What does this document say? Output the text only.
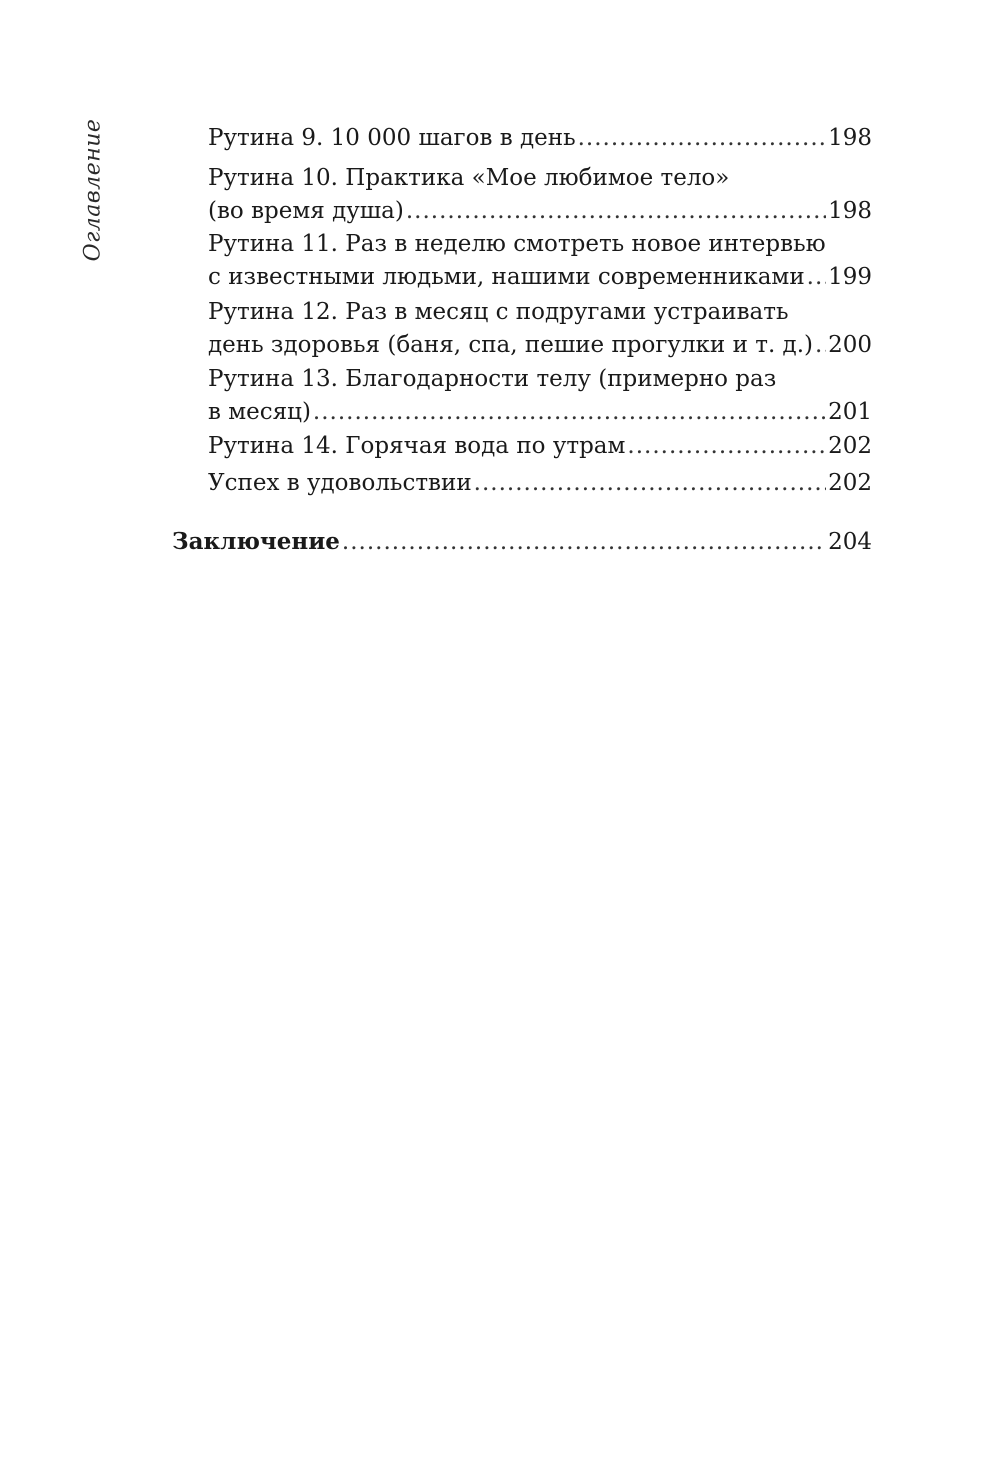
Оглавление	Рутина 9. 10 000 шагов в день .....	198
Рутина 10. Практика «Мое любимое тело»
(во время душа) .....	198
Рутина 11. Раз в неделю смотреть новое интервью
с известными людьми, нашими современниками ..... 199
Рутина 12. Раз в месяц с подругами устраивать
день здоровья (баня, спа, пешие прогулки и т. д.) ..... 200
Рутина 13. Благодарности телу (примерно раз
в месяц) .....	201
Рутина 14. Горячая вода по утрам .....	202
Успех в удовольствии .....	202
Заключение .....	204
